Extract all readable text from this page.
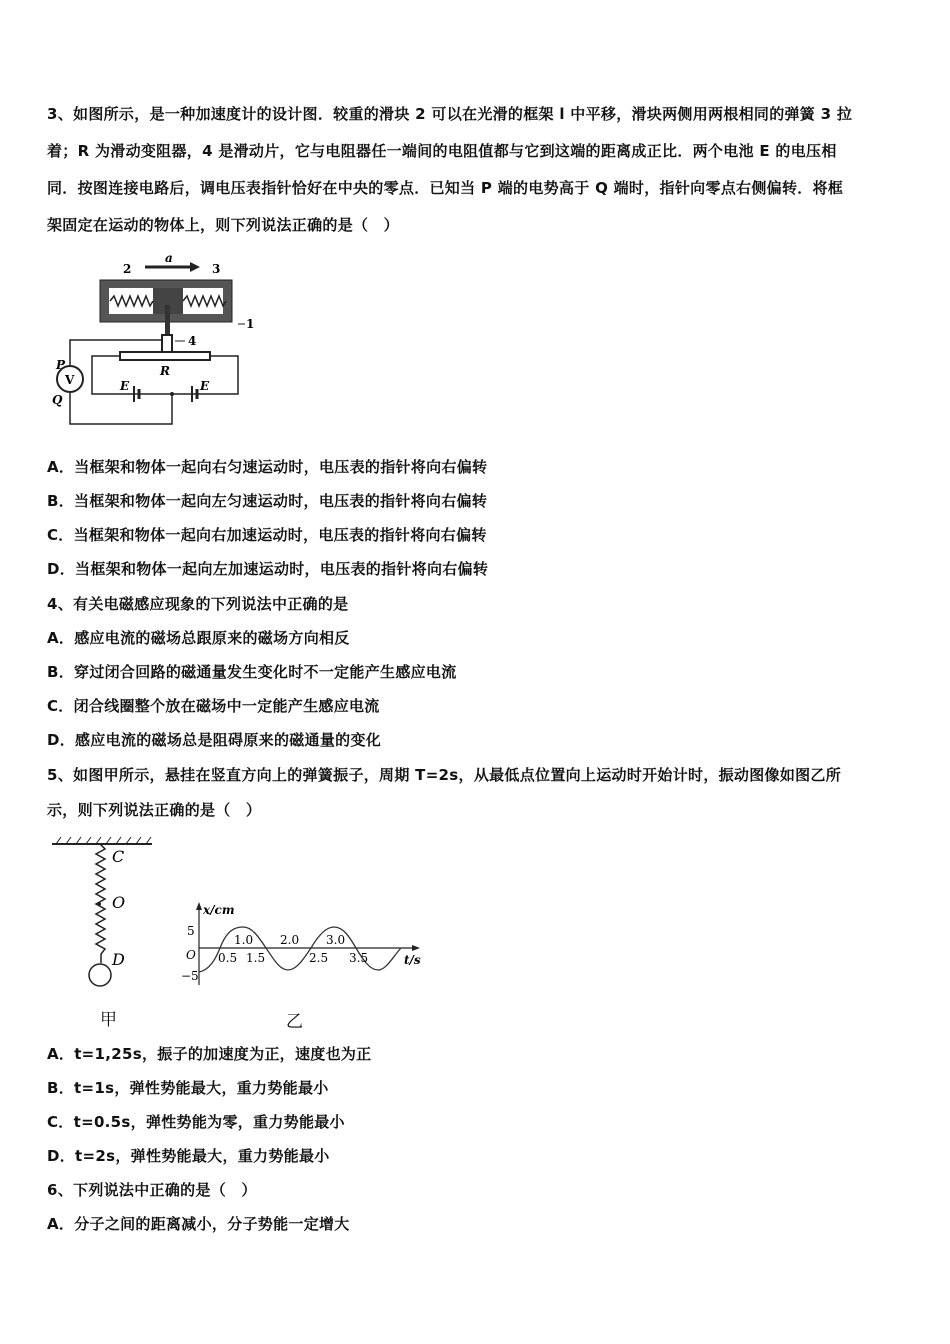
3、如图所示，是一种加速度计的设计图．较重的滑块 2 可以在光滑的框架 l 中平移，滑块两侧用两根相同的弹簧 3 拉
着；R 为滑动变阻器，4 是滑动片，它与电阻器任一端间的电阻值都与它到这端的距离成正比．两个电池 E 的电压相
同．按图连接电路后，调电压表指针恰好在中央的零点．已知当 P 端的电势高于 Q 端时，指针向零点右侧偏转．将框
架固定在运动的物体上，则下列说法正确的是（　）
a
2	3
1
4
R
E	E
V
P
Q
A．当框架和物体一起向右匀速运动时，电压表的指针将向右偏转
B．当框架和物体一起向左匀速运动时，电压表的指针将向右偏转
C．当框架和物体一起向右加速运动时，电压表的指针将向右偏转
D．当框架和物体一起向左加速运动时，电压表的指针将向右偏转
4、有关电磁感应现象的下列说法中正确的是
A．感应电流的磁场总跟原来的磁场方向相反
B．穿过闭合回路的磁通量发生变化时不一定能产生感应电流
C．闭合线圈整个放在磁场中一定能产生感应电流
D．感应电流的磁场总是阻碍原来的磁通量的变化
5、如图甲所示，悬挂在竖直方向上的弹簧振子，周期 T=2s，从最低点位置向上运动时开始计时，振动图像如图乙所
示，则下列说法正确的是（　）
C
O
D
x/cm
5
−5
O
1.0 2.0 3.0
0.5 1.5	2.5 3.5	t/s
甲	乙
A．t=1,25s，振子的加速度为正，速度也为正
B．t=1s，弹性势能最大，重力势能最小
C．t=0.5s，弹性势能为零，重力势能最小
D．t=2s，弹性势能最大，重力势能最小
6、下列说法中正确的是（　）
A．分子之间的距离减小，分子势能一定增大
